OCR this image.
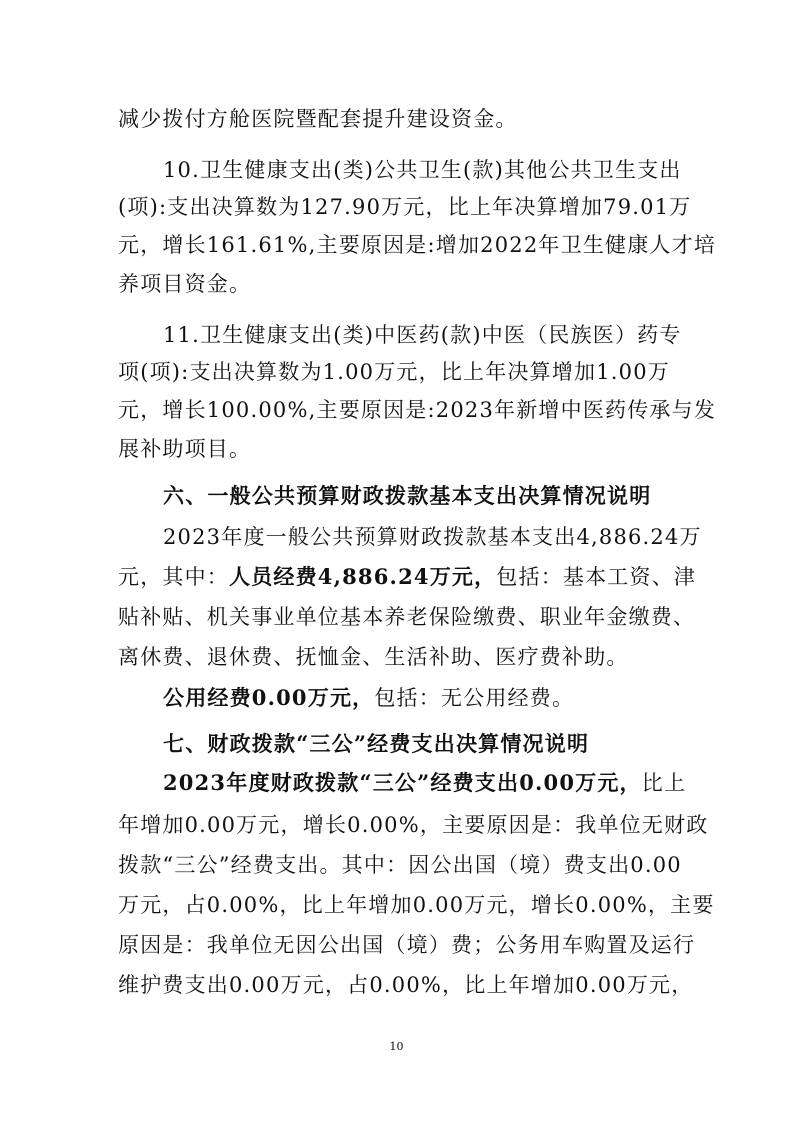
减少拨付方舱医院暨配套提升建设资金。
10.卫生健康支出(类)公共卫生(款)其他公共卫生支出
(项):支出决算数为127.90万元，比上年决算增加79.01万
元，增长161.61%,主要原因是:增加2022年卫生健康人才培
养项目资金。
11.卫生健康支出(类)中医药(款)中医（民族医）药专
项(项):支出决算数为1.00万元，比上年决算增加1.00万
元，增长100.00%,主要原因是:2023年新增中医药传承与发
展补助项目。
六、一般公共预算财政拨款基本支出决算情况说明
2023年度一般公共预算财政拨款基本支出4,886.24万
元，其中：人员经费4,886.24万元，包括：基本工资、津
贴补贴、机关事业单位基本养老保险缴费、职业年金缴费、
离休费、退休费、抚恤金、生活补助、医疗费补助。
公用经费0.00万元，包括：无公用经费。
七、财政拨款“三公”经费支出决算情况说明
2023年度财政拨款“三公”经费支出0.00万元，比上
年增加0.00万元，增长0.00%，主要原因是：我单位无财政
拨款“三公”经费支出。其中：因公出国（境）费支出0.00
万元，占0.00%，比上年增加0.00万元，增长0.00%，主要
原因是：我单位无因公出国（境）费；公务用车购置及运行
维护费支出0.00万元，占0.00%，比上年增加0.00万元，
10
